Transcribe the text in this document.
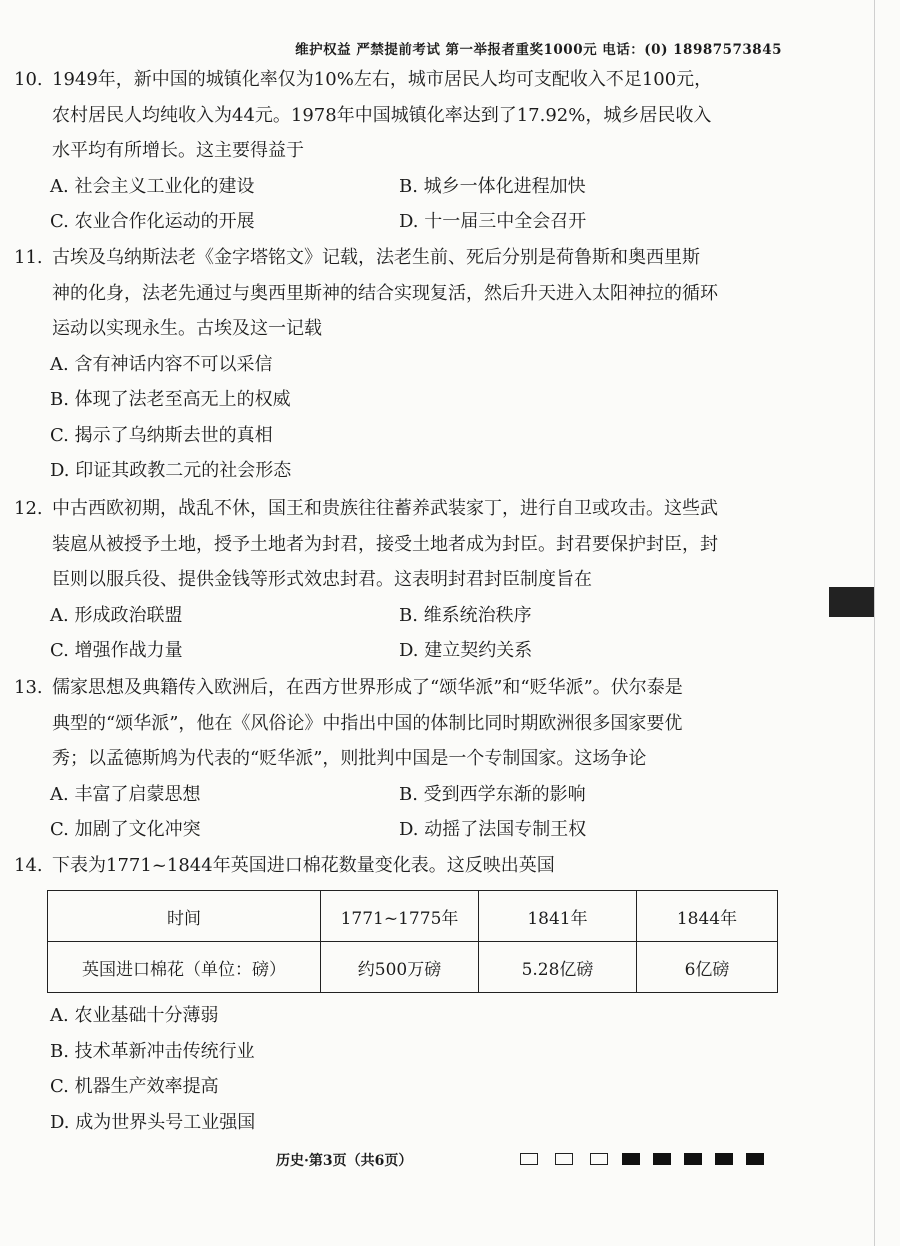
维护权益 严禁提前考试 第一举报者重奖1000元 电话：(0) 18987573845
10. 1949年，新中国的城镇化率仅为10%左右，城市居民人均可支配收入不足100元，
农村居民人均纯收入为44元。1978年中国城镇化率达到了17.92%，城乡居民收入
水平均有所增长。这主要得益于
A. 社会主义工业化的建设	B. 城乡一体化进程加快
C. 农业合作化运动的开展	D. 十一届三中全会召开
11. 古埃及乌纳斯法老《金字塔铭文》记载，法老生前、死后分别是荷鲁斯和奥西里斯
神的化身，法老先通过与奥西里斯神的结合实现复活，然后升天进入太阳神拉的循环
运动以实现永生。古埃及这一记载
A. 含有神话内容不可以采信
B. 体现了法老至高无上的权威
C. 揭示了乌纳斯去世的真相
D. 印证其政教二元的社会形态
12. 中古西欧初期，战乱不休，国王和贵族往往蓄养武装家丁，进行自卫或攻击。这些武
装扈从被授予土地，授予土地者为封君，接受土地者成为封臣。封君要保护封臣，封
臣则以服兵役、提供金钱等形式效忠封君。这表明封君封臣制度旨在
A. 形成政治联盟	B. 维系统治秩序
C. 增强作战力量	D. 建立契约关系
13. 儒家思想及典籍传入欧洲后，在西方世界形成了“颂华派”和“贬华派”。伏尔泰是
典型的“颂华派”，他在《风俗论》中指出中国的体制比同时期欧洲很多国家要优
秀；以孟德斯鸠为代表的“贬华派”，则批判中国是一个专制国家。这场争论
A. 丰富了启蒙思想	B. 受到西学东渐的影响
C. 加剧了文化冲突	D. 动摇了法国专制王权
14. 下表为1771~1844年英国进口棉花数量变化表。这反映出英国
时间	1771~1775年	1841年	1844年
英国进口棉花（单位：磅）	约500万磅	5.28亿磅	6亿磅
A. 农业基础十分薄弱
B. 技术革新冲击传统行业
C. 机器生产效率提高
D. 成为世界头号工业强国
历史·第3页（共6页）
